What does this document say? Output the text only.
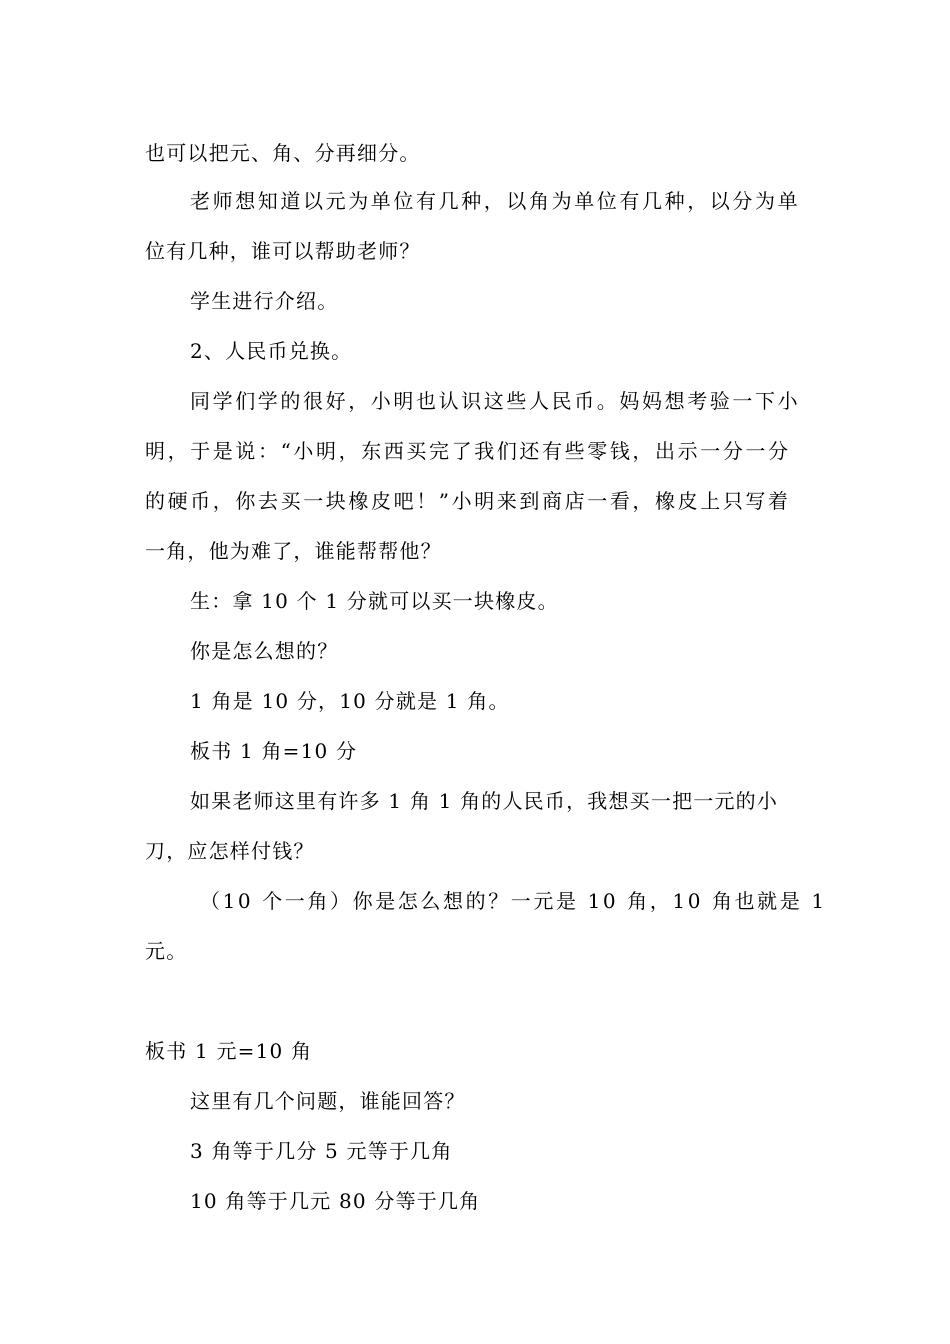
也可以把元、角、分再细分。
老师想知道以元为单位有几种，以角为单位有几种，以分为单
位有几种，谁可以帮助老师？
学生进行介绍。
2、人民币兑换。
同学们学的很好，小明也认识这些人民币。妈妈想考验一下小
明，于是说：“小明，东西买完了我们还有些零钱，出示一分一分
的硬币，你去买一块橡皮吧！”小明来到商店一看，橡皮上只写着
一角，他为难了，谁能帮帮他？
生：拿 10 个 1 分就可以买一块橡皮。
你是怎么想的？
1 角是 10 分，10 分就是 1 角。
板书 1 角=10 分
如果老师这里有许多 1 角 1 角的人民币，我想买一把一元的小
刀，应怎样付钱？
（10 个一角）你是怎么想的？一元是 10 角，10 角也就是 1
元。
板书 1 元=10 角
这里有几个问题，谁能回答？
3 角等于几分 5 元等于几角
10 角等于几元 80 分等于几角
